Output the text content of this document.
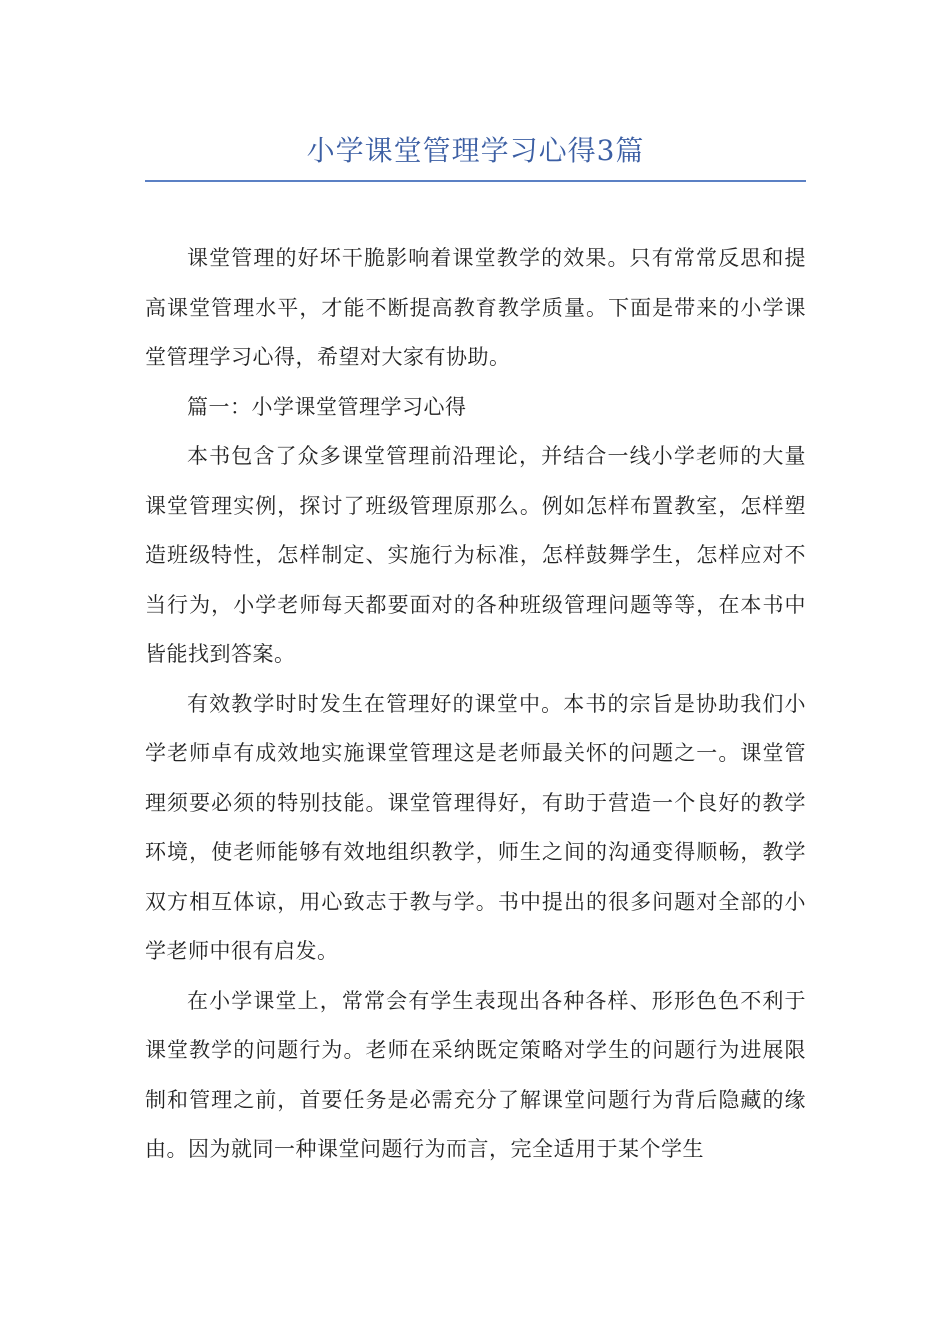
小学课堂管理学习心得3篇

课堂管理的好坏干脆影响着课堂教学的效果。只有常常反思和提高课堂管理水平，才能不断提高教育教学质量。下面是带来的小学课堂管理学习心得，希望对大家有协助。

篇一：小学课堂管理学习心得

本书包含了众多课堂管理前沿理论，并结合一线小学老师的大量课堂管理实例，探讨了班级管理原那么。例如怎样布置教室，怎样塑造班级特性，怎样制定、实施行为标准，怎样鼓舞学生，怎样应对不当行为，小学老师每天都要面对的各种班级管理问题等等，在本书中皆能找到答案。

有效教学时时发生在管理好的课堂中。本书的宗旨是协助我们小学老师卓有成效地实施课堂管理这是老师最关怀的问题之一。课堂管理须要必须的特别技能。课堂管理得好，有助于营造一个良好的教学环境，使老师能够有效地组织教学，师生之间的沟通变得顺畅，教学双方相互体谅，用心致志于教与学。书中提出的很多问题对全部的小学老师中很有启发。

在小学课堂上，常常会有学生表现出各种各样、形形色色不利于课堂教学的问题行为。老师在采纳既定策略对学生的问题行为进展限制和管理之前，首要任务是必需充分了解课堂问题行为背后隐藏的缘由。因为就同一种课堂问题行为而言，完全适用于某个学生
